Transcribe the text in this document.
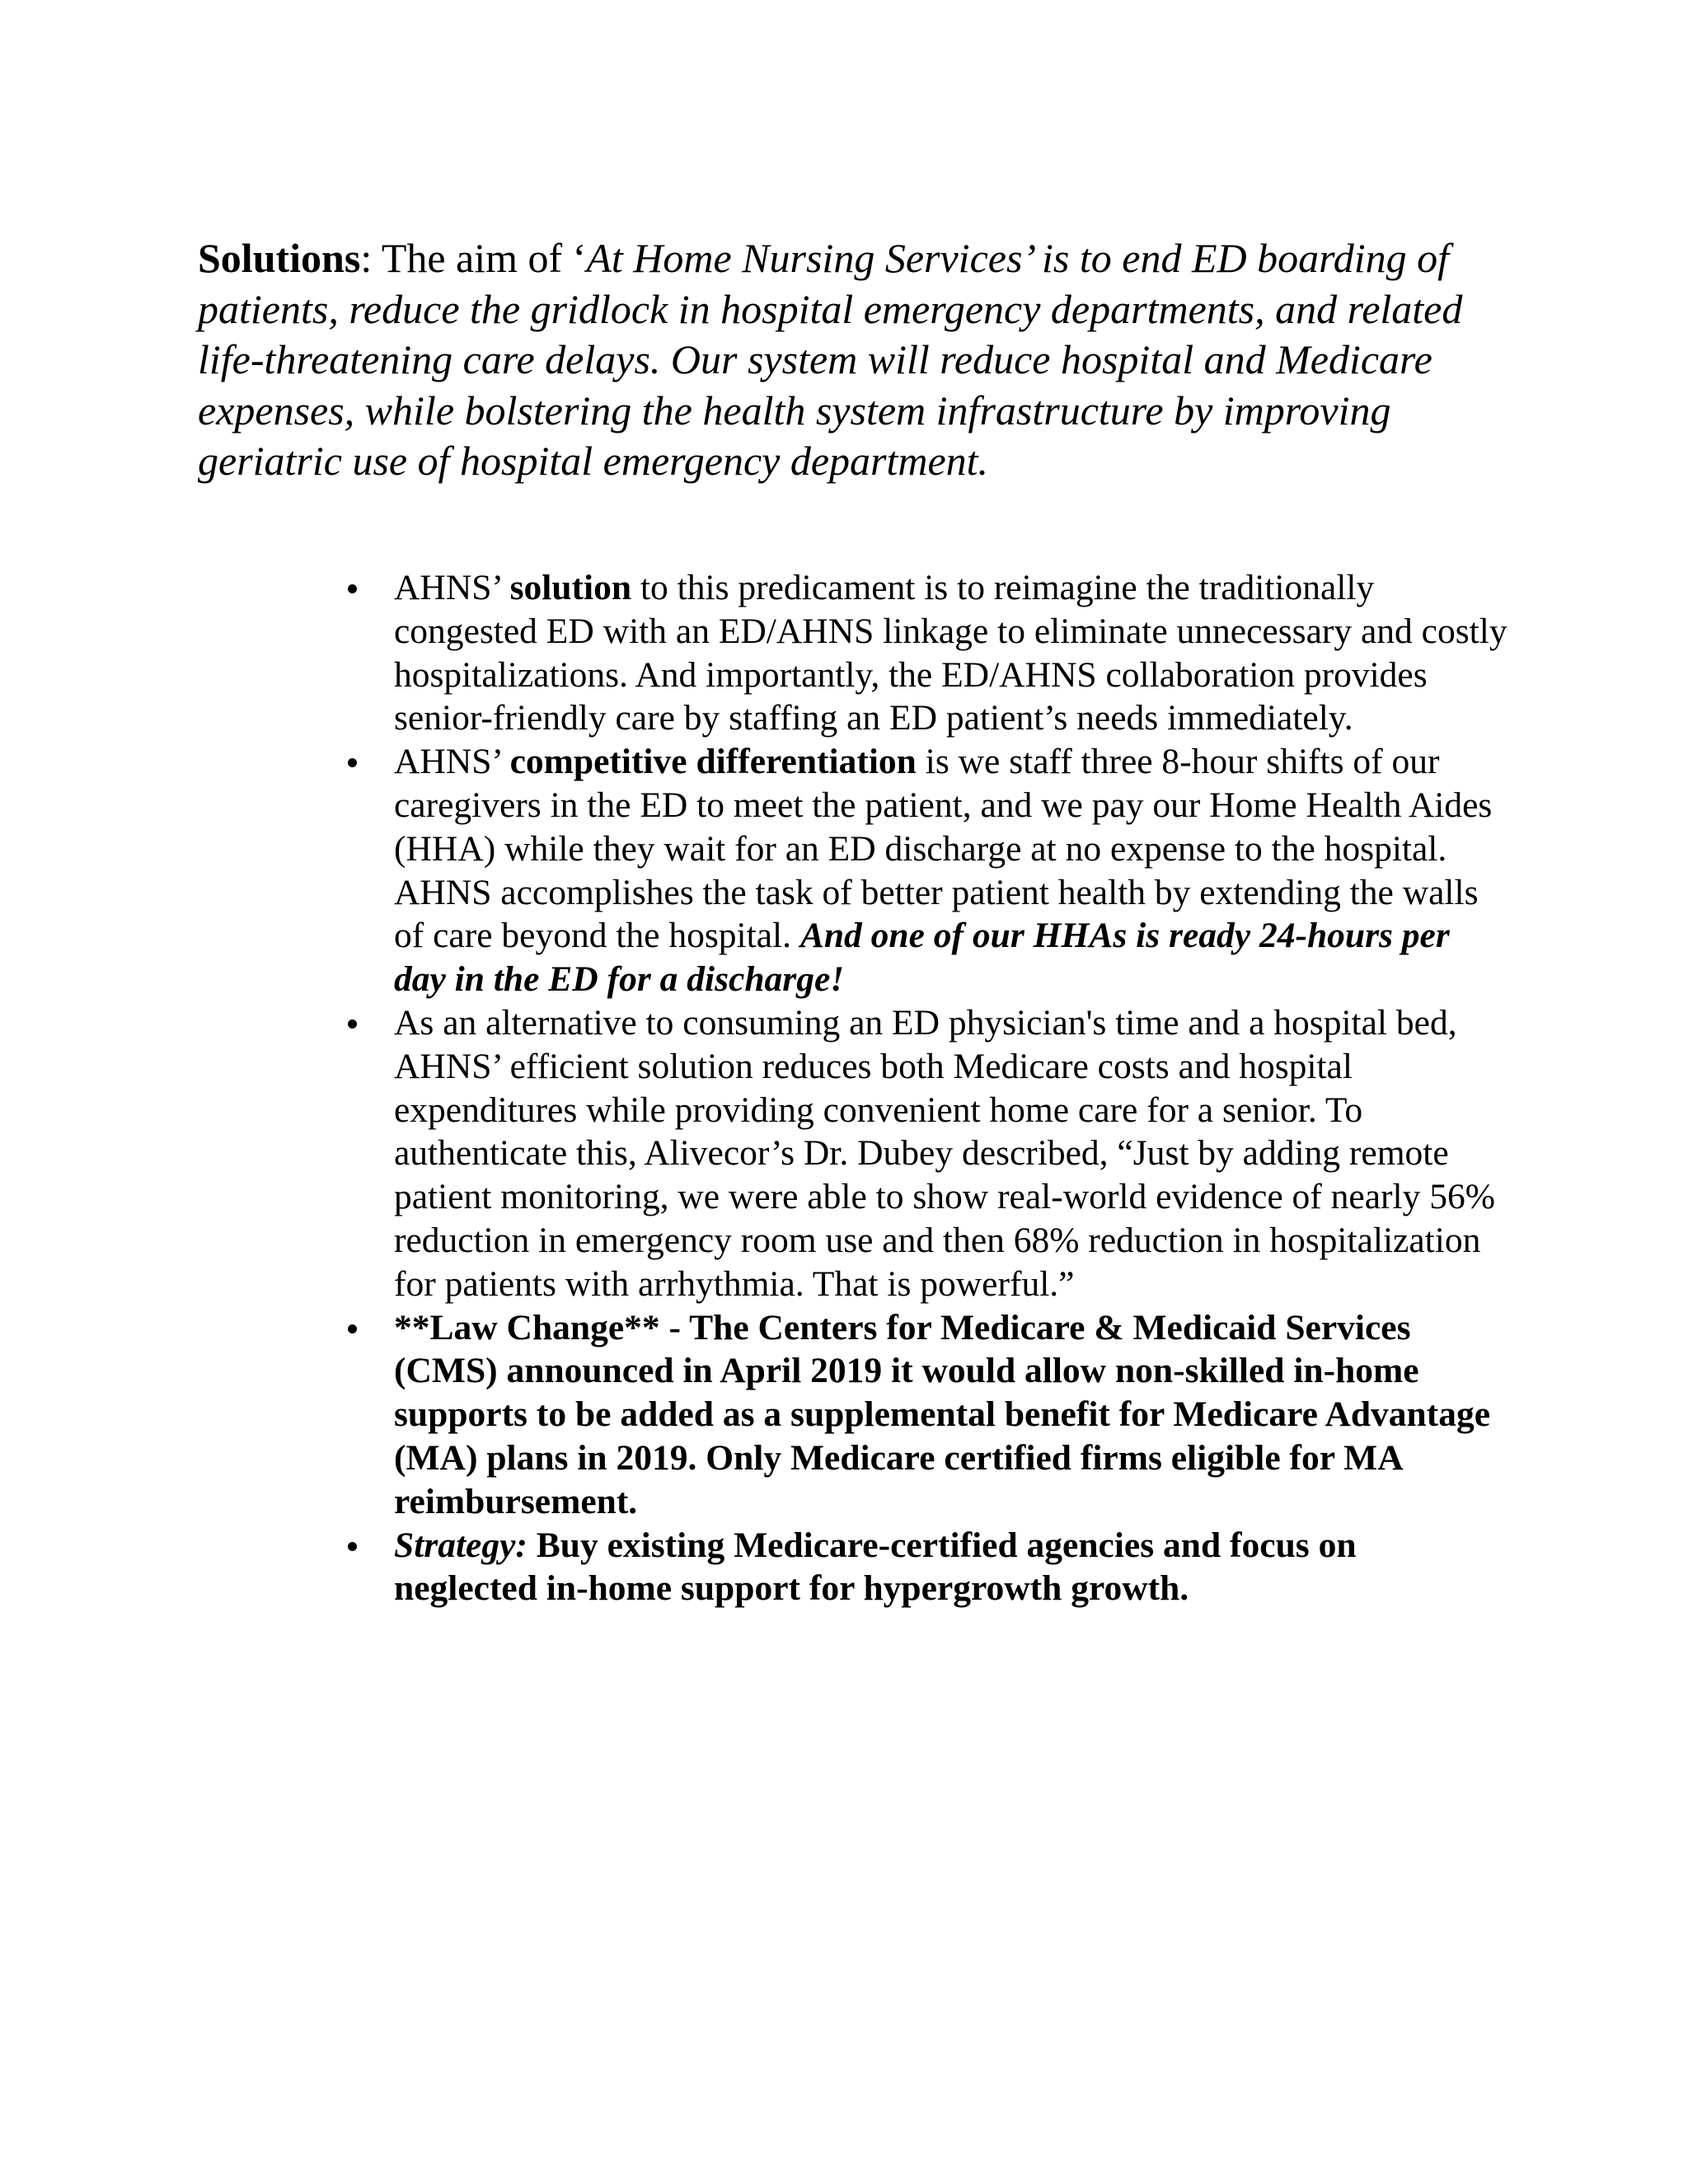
Solutions: The aim of ‘At Home Nursing Services’ is to end ED boarding of patients, reduce the gridlock in hospital emergency departments, and related life-threatening care delays. Our system will reduce hospital and Medicare expenses, while bolstering the health system infrastructure by improving geriatric use of hospital emergency department.

AHNS’ solution to this predicament is to reimagine the traditionally congested ED with an ED/AHNS linkage to eliminate unnecessary and costly hospitalizations. And importantly, the ED/AHNS collaboration provides senior-friendly care by staffing an ED patient’s needs immediately.
AHNS’ competitive differentiation is we staff three 8-hour shifts of our caregivers in the ED to meet the patient, and we pay our Home Health Aides (HHA) while they wait for an ED discharge at no expense to the hospital. AHNS accomplishes the task of better patient health by extending the walls of care beyond the hospital. And one of our HHAs is ready 24-hours per day in the ED for a discharge!
As an alternative to consuming an ED physician's time and a hospital bed, AHNS’ efficient solution reduces both Medicare costs and hospital expenditures while providing convenient home care for a senior. To authenticate this, Alivecor’s Dr. Dubey described, “Just by adding remote patient monitoring, we were able to show real-world evidence of nearly 56% reduction in emergency room use and then 68% reduction in hospitalization for patients with arrhythmia. That is powerful.”
**Law Change** - The Centers for Medicare & Medicaid Services (CMS) announced in April 2019 it would allow non-skilled in-home supports to be added as a supplemental benefit for Medicare Advantage (MA) plans in 2019. Only Medicare certified firms eligible for MA reimbursement.
Strategy: Buy existing Medicare-certified agencies and focus on neglected in-home support for hypergrowth growth.
